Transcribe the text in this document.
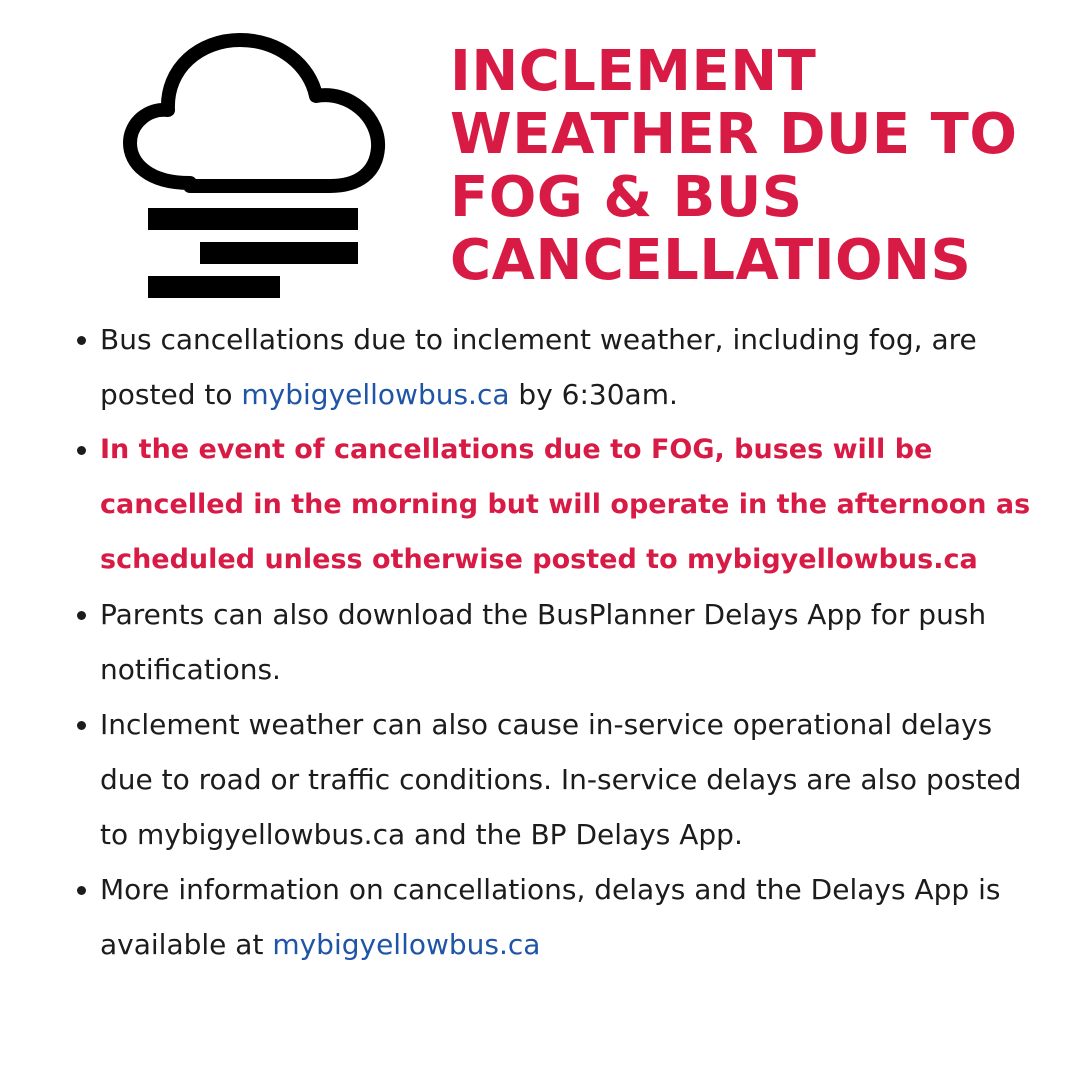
INCLEMENT
WEATHER DUE TO
FOG & BUS
CANCELLATIONS
Bus cancellations due to inclement weather, including fog, are posted to mybigyellowbus.ca by 6:30am.
In the event of cancellations due to FOG, buses will be cancelled in the morning but will operate in the afternoon as scheduled unless otherwise posted to mybigyellowbus.ca
Parents can also download the BusPlanner Delays App for push notifications.
Inclement weather can also cause in-service operational delays due to road or traffic conditions. In-service delays are also posted to mybigyellowbus.ca and the BP Delays App.
More information on cancellations, delays and the Delays App is available at mybigyellowbus.ca
